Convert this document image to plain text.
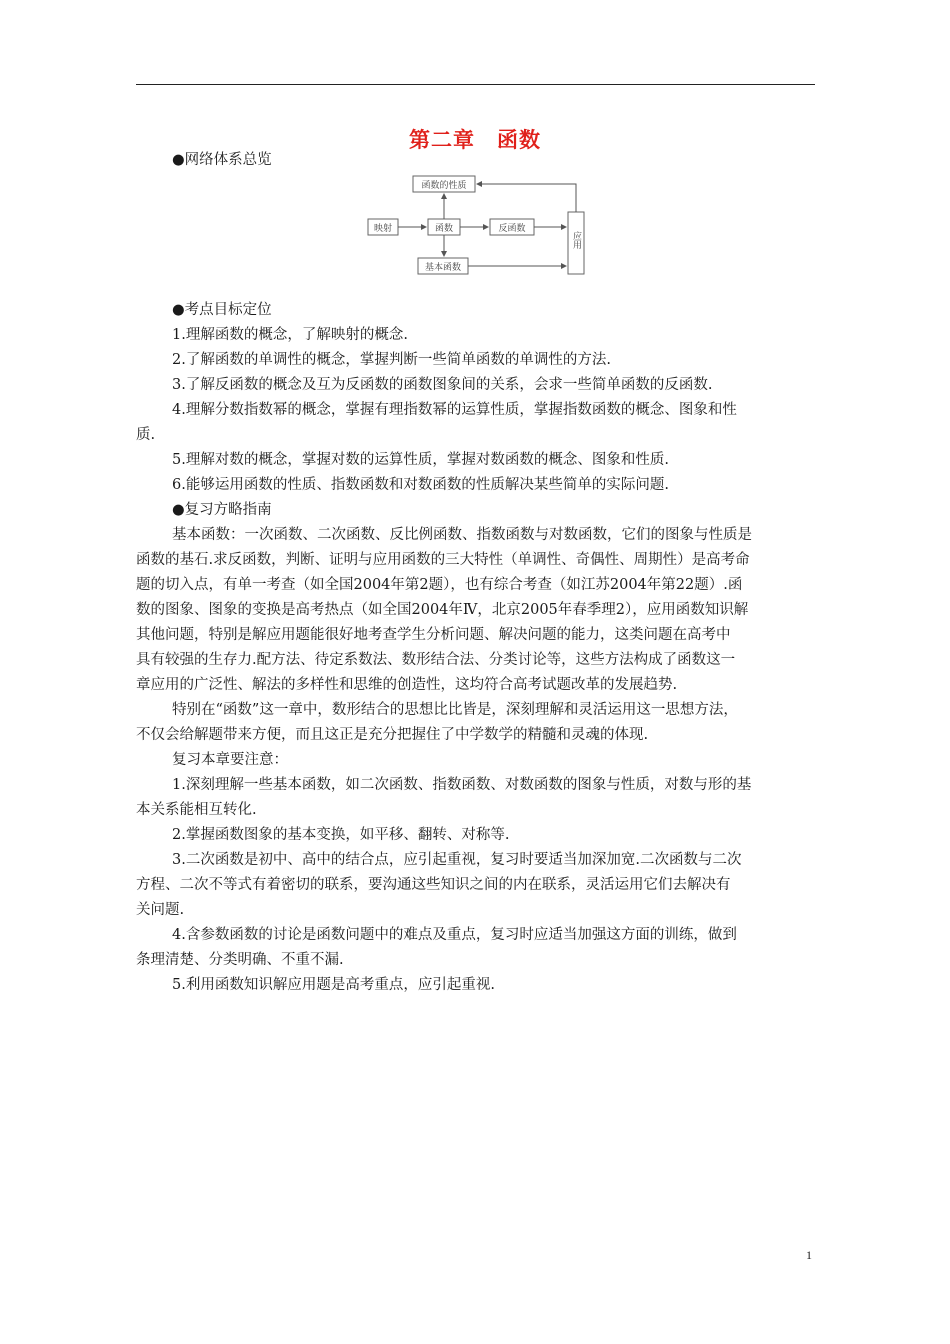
第二章　函数
●网络体系总览
函数的性质
映射	函数	反函数
基本函数
应用
●考点目标定位
1.理解函数的概念，了解映射的概念.
2.了解函数的单调性的概念，掌握判断一些简单函数的单调性的方法.
3.了解反函数的概念及互为反函数的函数图象间的关系，会求一些简单函数的反函数.
4.理解分数指数幂的概念，掌握有理指数幂的运算性质，掌握指数函数的概念、图象和性
质.
5.理解对数的概念，掌握对数的运算性质，掌握对数函数的概念、图象和性质.
6.能够运用函数的性质、指数函数和对数函数的性质解决某些简单的实际问题.
●复习方略指南
基本函数：一次函数、二次函数、反比例函数、指数函数与对数函数，它们的图象与性质是
函数的基石.求反函数，判断、证明与应用函数的三大特性（单调性、奇偶性、周期性）是高考命
题的切入点，有单一考查（如全国2004年第2题），也有综合考查（如江苏2004年第22题）.函
数的图象、图象的变换是高考热点（如全国2004年Ⅳ，北京2005年春季理2），应用函数知识解
其他问题，特别是解应用题能很好地考查学生分析问题、解决问题的能力，这类问题在高考中
具有较强的生存力.配方法、待定系数法、数形结合法、分类讨论等，这些方法构成了函数这一
章应用的广泛性、解法的多样性和思维的创造性，这均符合高考试题改革的发展趋势.
特别在“函数”这一章中，数形结合的思想比比皆是，深刻理解和灵活运用这一思想方法，
不仅会给解题带来方便，而且这正是充分把握住了中学数学的精髓和灵魂的体现.
复习本章要注意：
1.深刻理解一些基本函数，如二次函数、指数函数、对数函数的图象与性质，对数与形的基
本关系能相互转化.
2.掌握函数图象的基本变换，如平移、翻转、对称等.
3.二次函数是初中、高中的结合点，应引起重视，复习时要适当加深加宽.二次函数与二次
方程、二次不等式有着密切的联系，要沟通这些知识之间的内在联系，灵活运用它们去解决有
关问题.
4.含参数函数的讨论是函数问题中的难点及重点，复习时应适当加强这方面的训练，做到
条理清楚、分类明确、不重不漏.
5.利用函数知识解应用题是高考重点，应引起重视.
1
